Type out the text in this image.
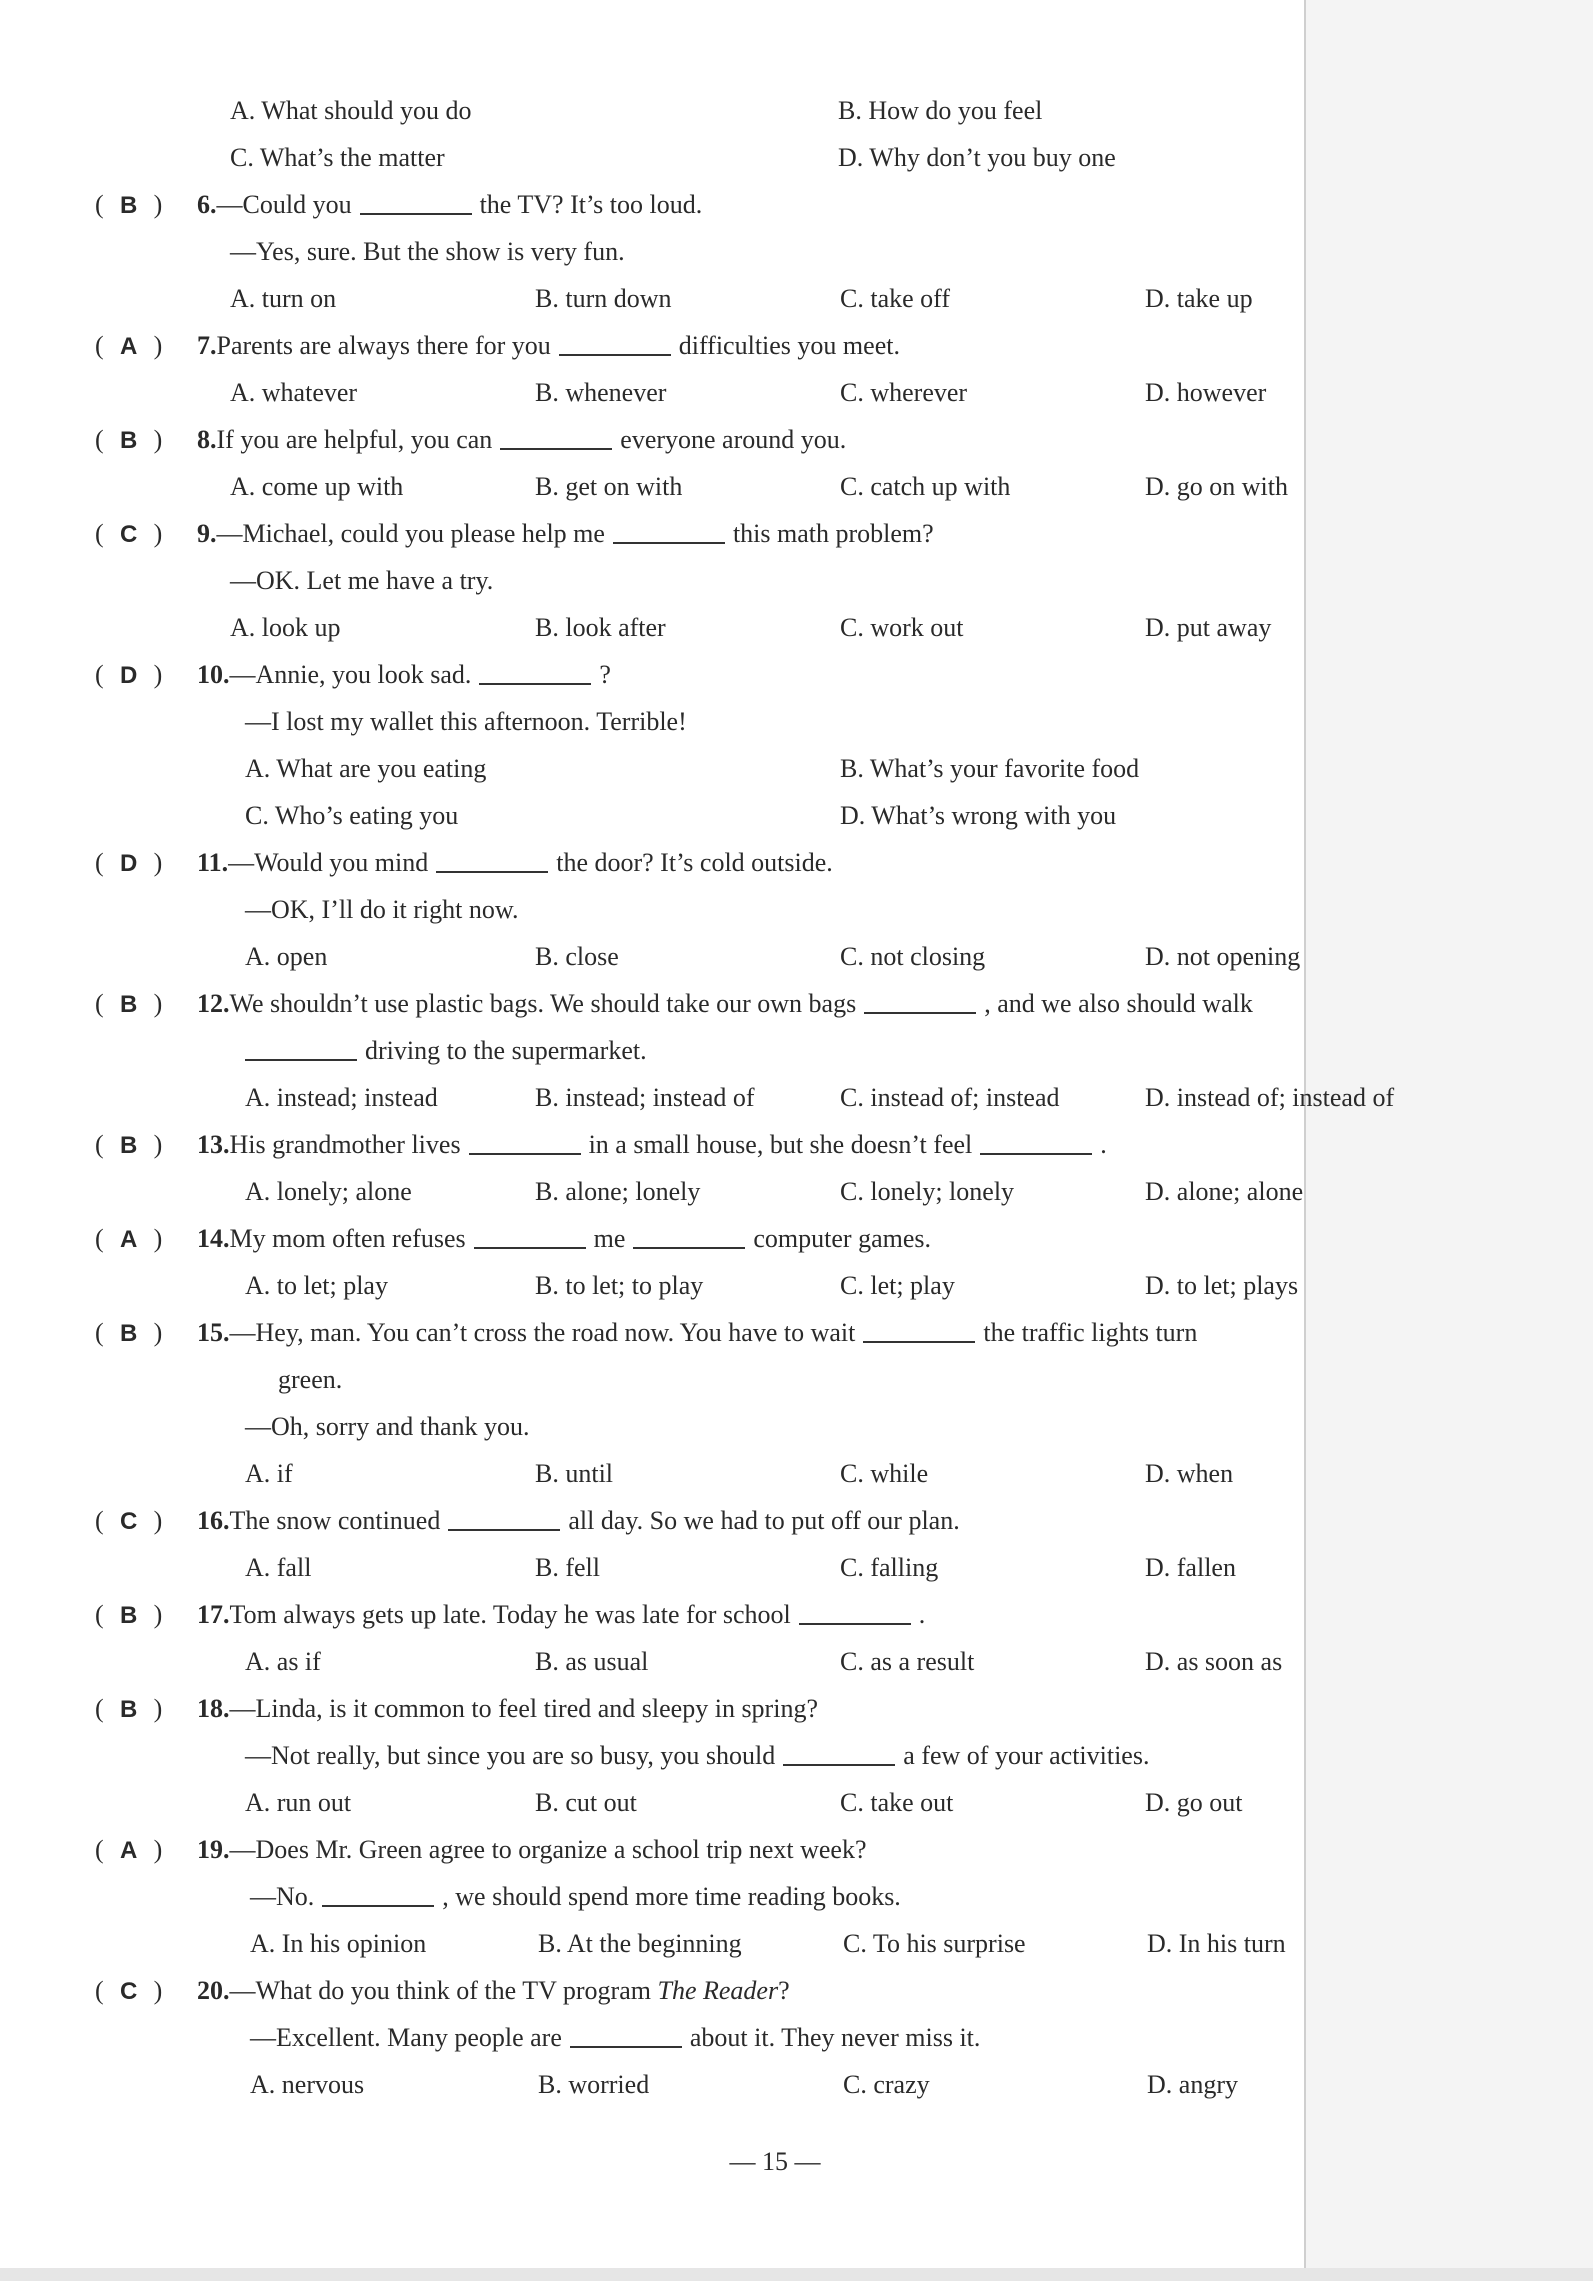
A. What should you do	B. How do you feel
C. What’s the matter	D. Why don’t you buy one
( B ) 6.—Could you	the TV? It’s too loud.
—Yes, sure. But the show is very fun.
A. turn on	B. turn down	C. take off	D. take up
( A ) 7.Parents are always there for you	difficulties you meet.
A. whatever	B. whenever	C. wherever	D. however
( B ) 8.If you are helpful, you can	everyone around you.
A. come up with	B. get on with	C. catch up with	D. go on with
( C ) 9.—Michael, could you please help me	this math problem?
—OK. Let me have a try.
A. look up	B. look after	C. work out	D. put away
( D ) 10.—Annie, you look sad.	?
—I lost my wallet this afternoon. Terrible!
A. What are you eating	B. What’s your favorite food
C. Who’s eating you	D. What’s wrong with you
( D ) 11.—Would you mind	the door? It’s cold outside.
—OK, I’ll do it right now.
A. open	B. close	C. not closing	D. not opening
( B ) 12.We shouldn’t use plastic bags. We should take our own bags	, and we also should walk
driving to the supermarket.
A. instead; instead	B. instead; instead of	C. instead of; instead	D. instead of; instead of
( B ) 13.His grandmother lives	in a small house, but she doesn’t feel	.
A. lonely; alone	B. alone; lonely	C. lonely; lonely	D. alone; alone
( A ) 14.My mom often refuses	me	computer games.
A. to let; play	B. to let; to play	C. let; play	D. to let; plays
( B ) 15.—Hey, man. You can’t cross the road now. You have to wait	the traffic lights turn
green.
—Oh, sorry and thank you.
A. if	B. until	C. while	D. when
( C ) 16.The snow continued	all day. So we had to put off our plan.
A. fall	B. fell	C. falling	D. fallen
( B ) 17.Tom always gets up late. Today he was late for school	.
A. as if	B. as usual	C. as a result	D. as soon as
( B ) 18.—Linda, is it common to feel tired and sleepy in spring?
—Not really, but since you are so busy, you should	a few of your activities.
A. run out	B. cut out	C. take out	D. go out
( A ) 19.—Does Mr. Green agree to organize a school trip next week?
—No.	, we should spend more time reading books.
A. In his opinion	B. At the beginning	C. To his surprise	D. In his turn
( C ) 20.—What do you think of the TV program The Reader?
—Excellent. Many people are	about it. They never miss it.
A. nervous	B. worried	C. crazy	D. angry
— 15 —
